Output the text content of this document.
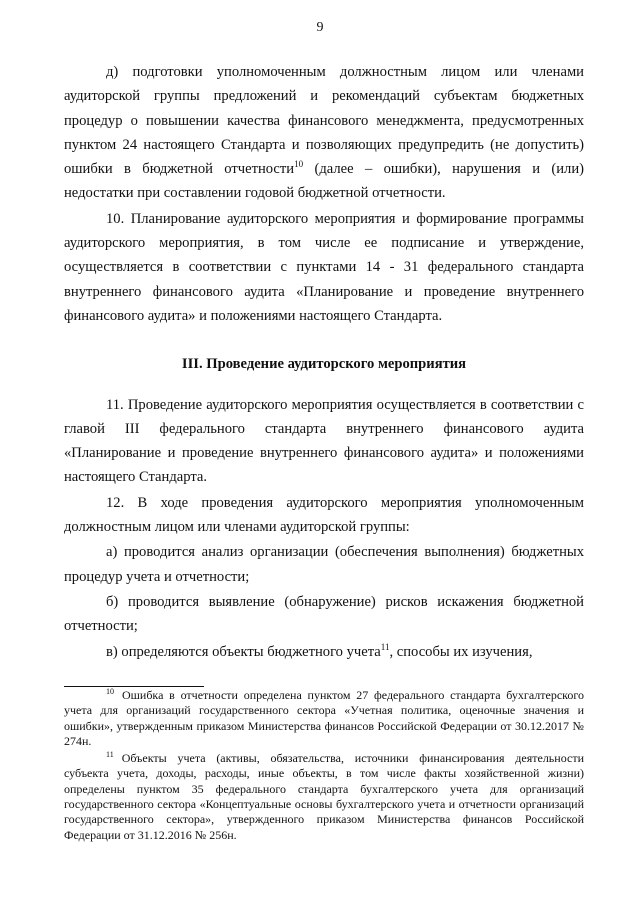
9

д) подготовки уполномоченным должностным лицом или членами аудиторской группы предложений и рекомендаций субъектам бюджетных процедур о повышении качества финансового менеджмента, предусмотренных пунктом 24 настоящего Стандарта и позволяющих предупредить (не допустить) ошибки в бюджетной отчетности$^{10}$ (далее – ошибки), нарушения и (или) недостатки при составлении годовой бюджетной отчетности.

10. Планирование аудиторского мероприятия и формирование программы аудиторского мероприятия, в том числе ее подписание и утверждение, осуществляется в соответствии с пунктами 14 - 31 федерального стандарта внутреннего финансового аудита «Планирование и проведение внутреннего финансового аудита» и положениями настоящего Стандарта.

III. Проведение аудиторского мероприятия

11. Проведение аудиторского мероприятия осуществляется в соответствии с главой III федерального стандарта внутреннего финансового аудита «Планирование и проведение внутреннего финансового аудита» и положениями настоящего Стандарта.

12. В ходе проведения аудиторского мероприятия уполномоченным должностным лицом или членами аудиторской группы:

а) проводится анализ организации (обеспечения выполнения) бюджетных процедур учета и отчетности;

б) проводится выявление (обнаружение) рисков искажения бюджетной отчетности;

в) определяются объекты бюджетного учета$^{11}$, способы их изучения,

$^{10}$ Ошибка в отчетности определена пунктом 27 федерального стандарта бухгалтерского учета для организаций государственного сектора «Учетная политика, оценочные значения и ошибки», утвержденным приказом Министерства финансов Российской Федерации от 30.12.2017 № 274н.

$^{11}$ Объекты учета (активы, обязательства, источники финансирования деятельности субъекта учета, доходы, расходы, иные объекты, в том числе факты хозяйственной жизни) определены пунктом 35 федерального стандарта бухгалтерского учета для организаций государственного сектора «Концептуальные основы бухгалтерского учета и отчетности организаций государственного сектора», утвержденного приказом Министерства финансов Российской Федерации от 31.12.2016 № 256н.
